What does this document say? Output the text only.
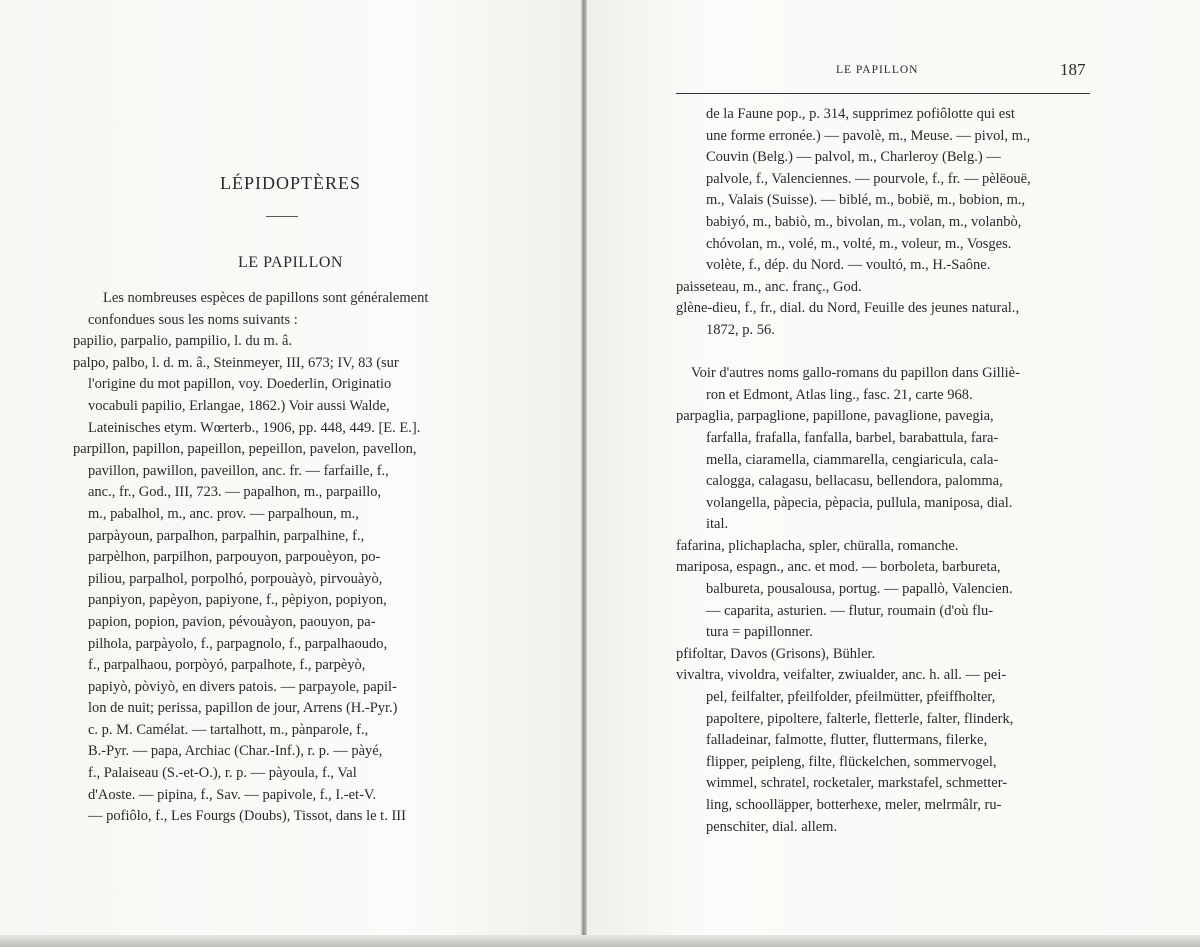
LÉPIDOPTÈRES
LE PAPILLON
Les nombreuses espèces de papillons sont généralement
confondues sous les noms suivants :
papilio, parpalio, pampilio, l. du m. â.
palpo, palbo, l. d. m. â., Steinmeyer, III, 673; IV, 83 (sur
l'origine du mot papillon, voy. Doederlin, Originatio
vocabuli papilio, Erlangae, 1862.) Voir aussi Walde,
Lateinisches etym. Wœrterb., 1906, pp. 448, 449. [E. E.].
parpillon, papillon, papeillon, pepeillon, pavelon, pavellon,
pavillon, pawillon, paveillon, anc. fr. — farfaille, f.,
anc., fr., God., III, 723. — papalhon, m., parpaillo,
m., pabalhol, m., anc. prov. — parpalhoun, m.,
parpàyoun, parpalhon, parpalhin, parpalhine, f.,
parpèlhon, parpilhon, parpouyon, parpouèyon, po-
piliou, parpalhol, porpolhó, porpouàyò, pirvouàyò,
panpiyon, papèyon, papiyone, f., pèpiyon, popiyon,
papion, popion, pavion, pévouàyon, paouyon, pa-
pilhola, parpàyolo, f., parpagnolo, f., parpalhaoudo,
f., parpalhaou, porpòyó, parpalhote, f., parpèyò,
papiyò, pòviyò, en divers patois. — parpayole, papil-
lon de nuit; perissa, papillon de jour, Arrens (H.-Pyr.)
c. p. M. Camélat. — tartalhott, m., pànparole, f.,
B.-Pyr. — papa, Archiac (Char.-Inf.), r. p. — pàyé,
f., Palaiseau (S.-et-O.), r. p. — pàyoula, f., Val
d'Aoste. — pipina, f., Sav. — papivole, f., I.-et-V.
— pofiôlo, f., Les Fourgs (Doubs), Tissot, dans le t. III
LE PAPILLON	187
de la Faune pop., p. 314, supprimez pofiôlotte qui est
une forme erronée.) — pavolè, m., Meuse. — pivol, m.,
Couvin (Belg.) — palvol, m., Charleroy (Belg.) —
palvole, f., Valenciennes. — pourvole, f., fr. — pèlëouë,
m., Valais (Suisse). — biblé, m., bobië, m., bobion, m.,
babiyó, m., babiò, m., bivolan, m., volan, m., volanbò,
chóvolan, m., volé, m., volté, m., voleur, m., Vosges.
volète, f., dép. du Nord. — voultó, m., H.-Saône.
paisseteau, m., anc. franç., God.
glène-dieu, f., fr., dial. du Nord, Feuille des jeunes natural.,
1872, p. 56.
Voir d'autres noms gallo-romans du papillon dans Gilliè-
ron et Edmont, Atlas ling., fasc. 21, carte 968.
parpaglia, parpaglione, papillone, pavaglione, pavegia,
farfalla, frafalla, fanfalla, barbel, barabattula, fara-
mella, ciaramella, ciammarella, cengiaricula, cala-
calogga, calagasu, bellacasu, bellendora, palomma,
volangella, pàpecia, pèpacia, pullula, maniposa, dial.
ital.
fafarina, plichaplacha, spler, chüralla, romanche.
mariposa, espagn., anc. et mod. — borboleta, barbureta,
balbureta, pousalousa, portug. — papallò, Valencien.
— caparita, asturien. — flutur, roumain (d'où flu-
tura = papillonner.
pfifoltar, Davos (Grisons), Bühler.
vivaltra, vivoldra, veifalter, zwiualder, anc. h. all. — pei-
pel, feilfalter, pfeilfolder, pfeilmütter, pfeiffholter,
papoltere, pipoltere, falterle, fletterle, falter, flinderk,
falladeinar, falmotte, flutter, fluttermans, filerke,
flipper, peipleng, filte, flückelchen, sommervogel,
wimmel, schratel, rocketaler, markstafel, schmetter-
ling, schoolläpper, botterhexe, meler, melrmâlr, ru-
penschiter, dial. allem.
